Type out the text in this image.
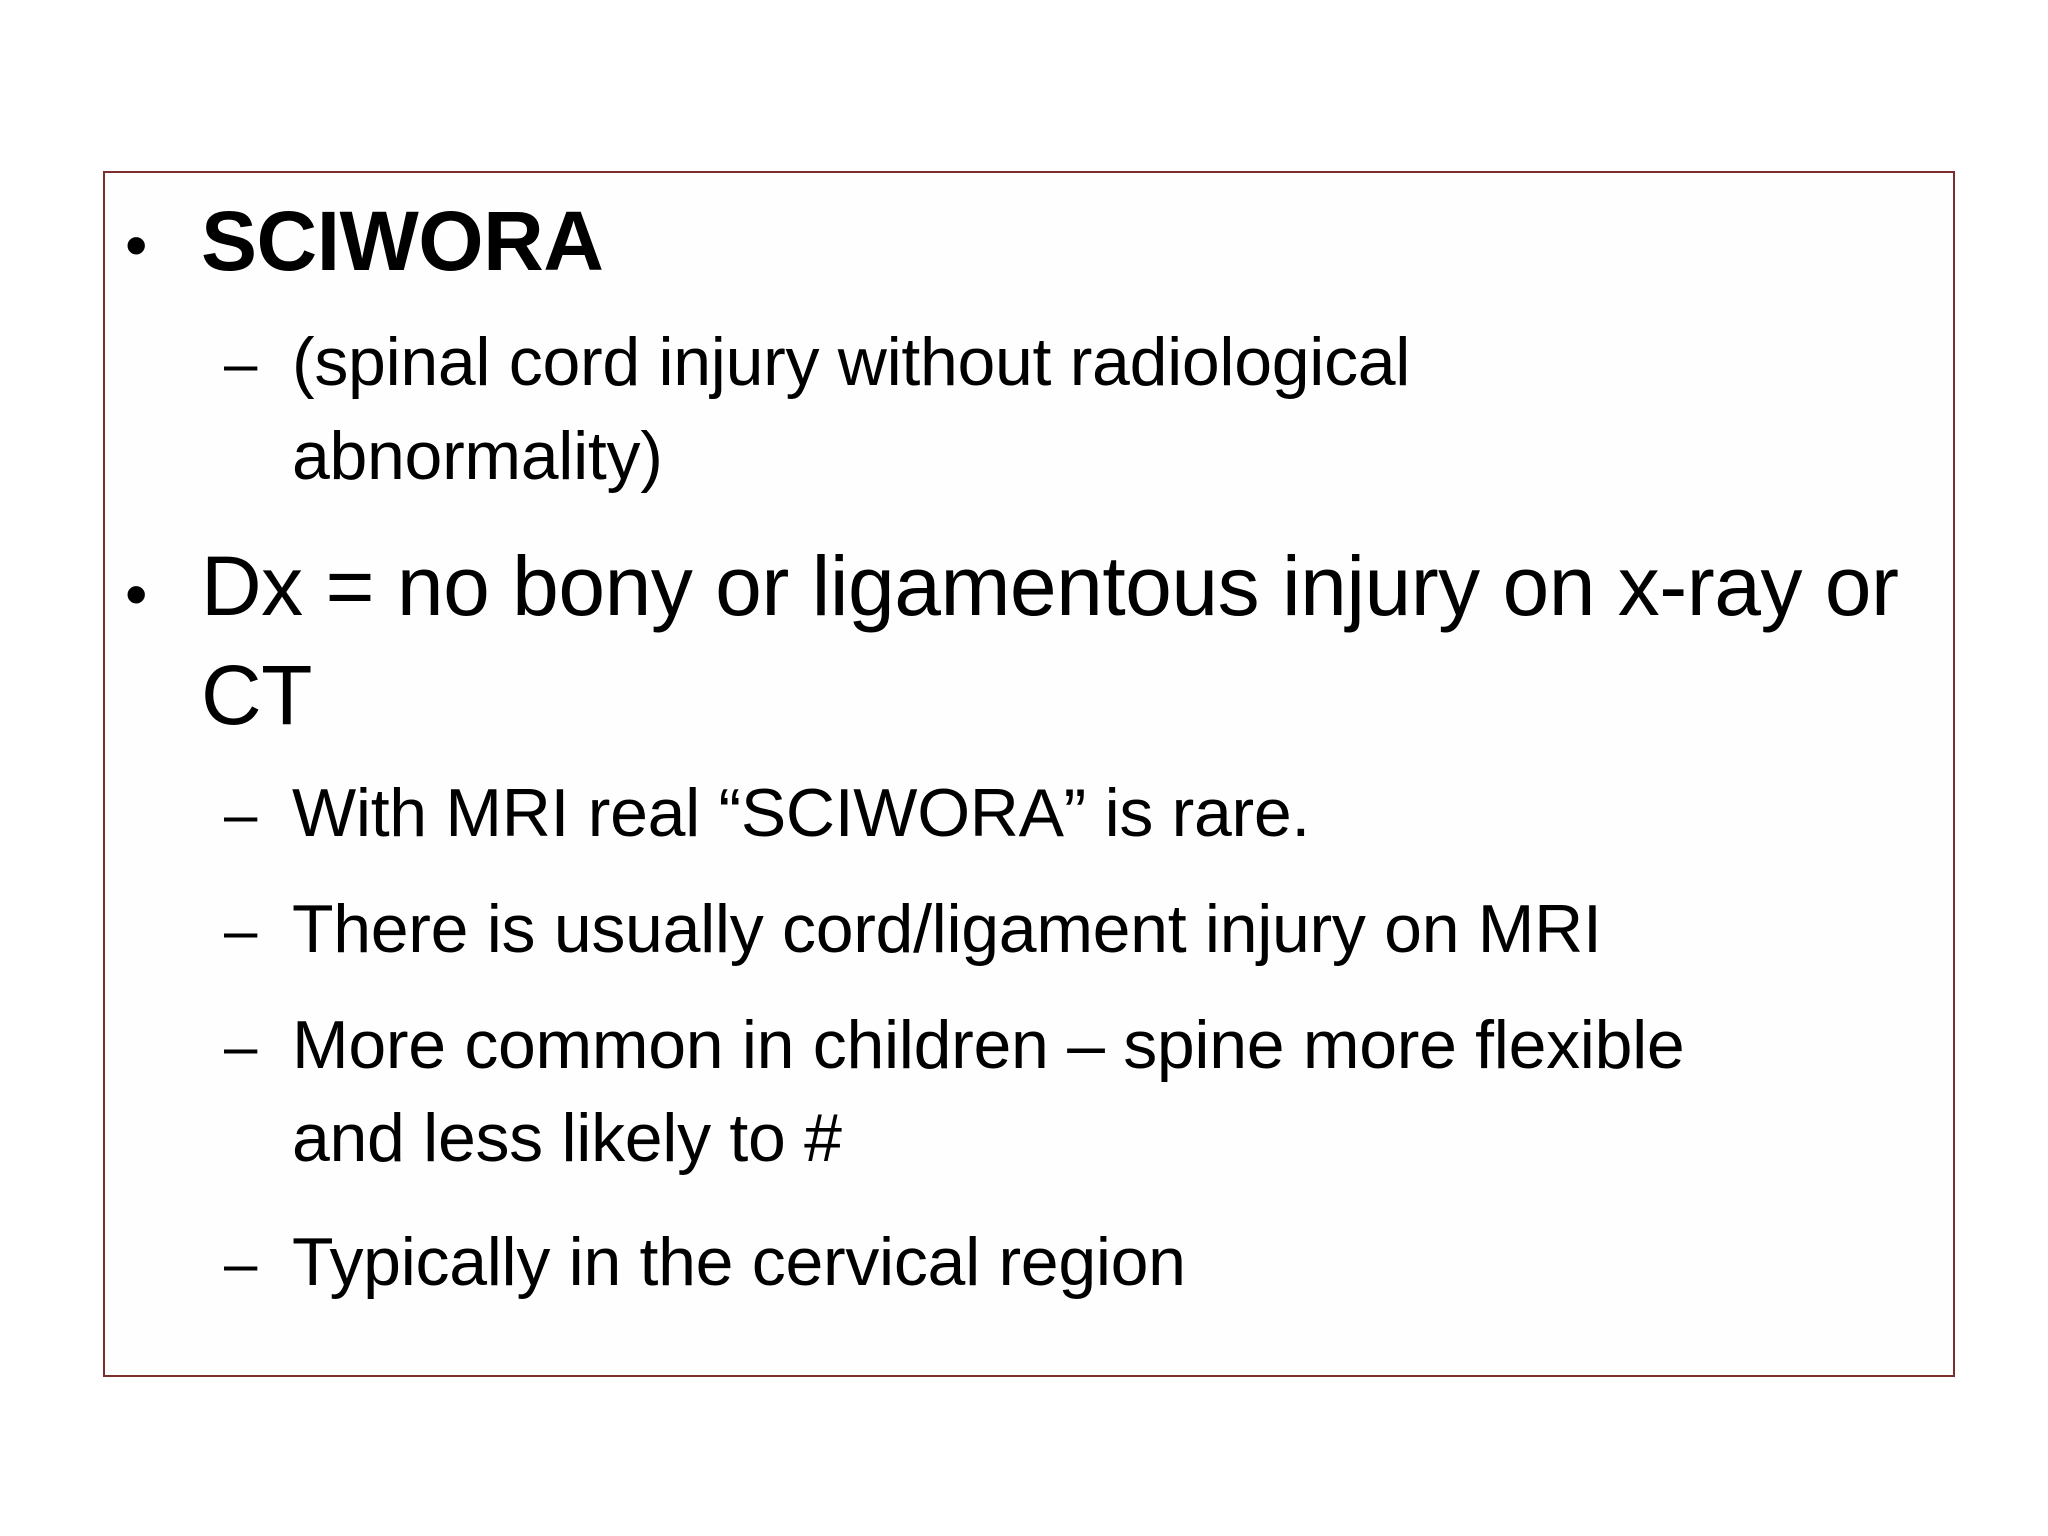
• SCIWORA
– (spinal cord injury without radiological
abnormality)
• Dx = no bony or ligamentous injury on x-ray or
CT
– With MRI real “SCIWORA” is rare.
– There is usually cord/ligament injury on MRI
– More common in children – spine more flexible
and less likely to #
– Typically in the cervical region
